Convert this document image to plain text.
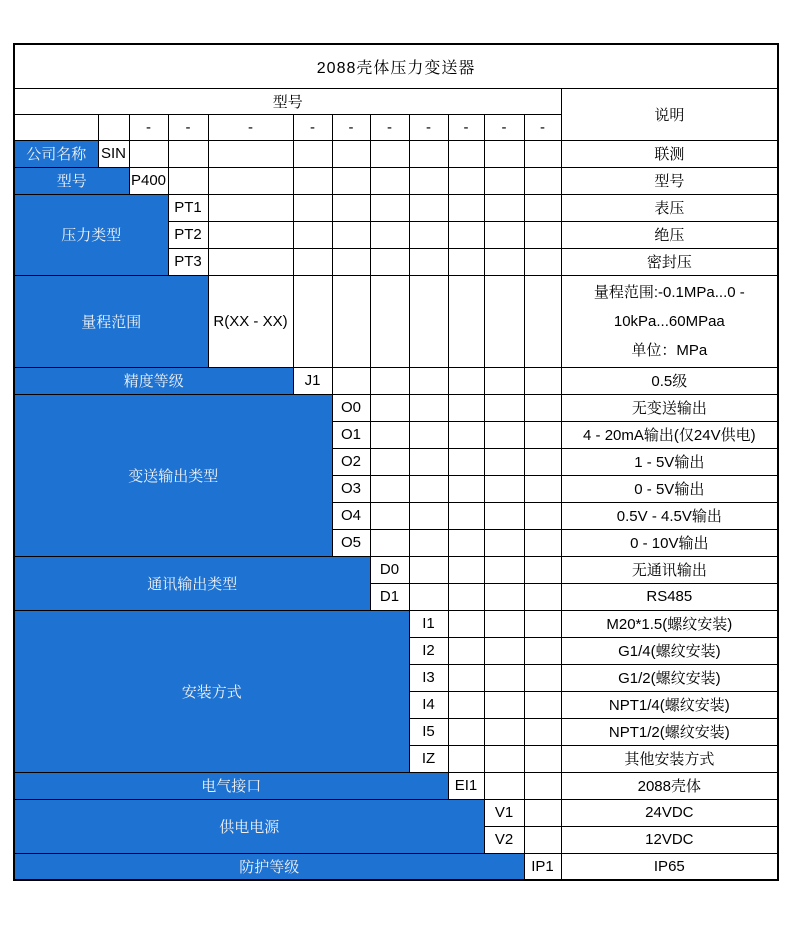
2088壳体压力变送器												
型号												说明
		-	-	-	-	-	-	-	-	-	-	
公司名称	SIN											联测
型号		P400										型号
压力类型			PT1									表压
			PT2									绝压
			PT3									密封压
量程范围				R(XX - XX)								量程范围:-0.1MPa...0 -
10kPa...60MPaa
单位：MPa

精度等级					J1							0.5级
变送输出类型						O0						无变送输出
						O1						4 - 20mA输出(仅24V供电)
						O2						1 - 5V输出
						O3						0 - 5V输出
						O4						0.5V - 4.5V输出
						O5						0 - 10V输出
通讯输出类型							D0					无通讯输出
							D1					RS485
安装方式								I1				M20*1.5(螺纹安装)
								I2				G1/4(螺纹安装)
								I3				G1/2(螺纹安装)
								I4				NPT1/4(螺纹安装)
								I5				NPT1/2(螺纹安装)
								IZ				其他安装方式
电气接口									EI1			2088壳体
供电电源										V1		24VDC
										V2		12VDC
防护等级											IP1	IP65
